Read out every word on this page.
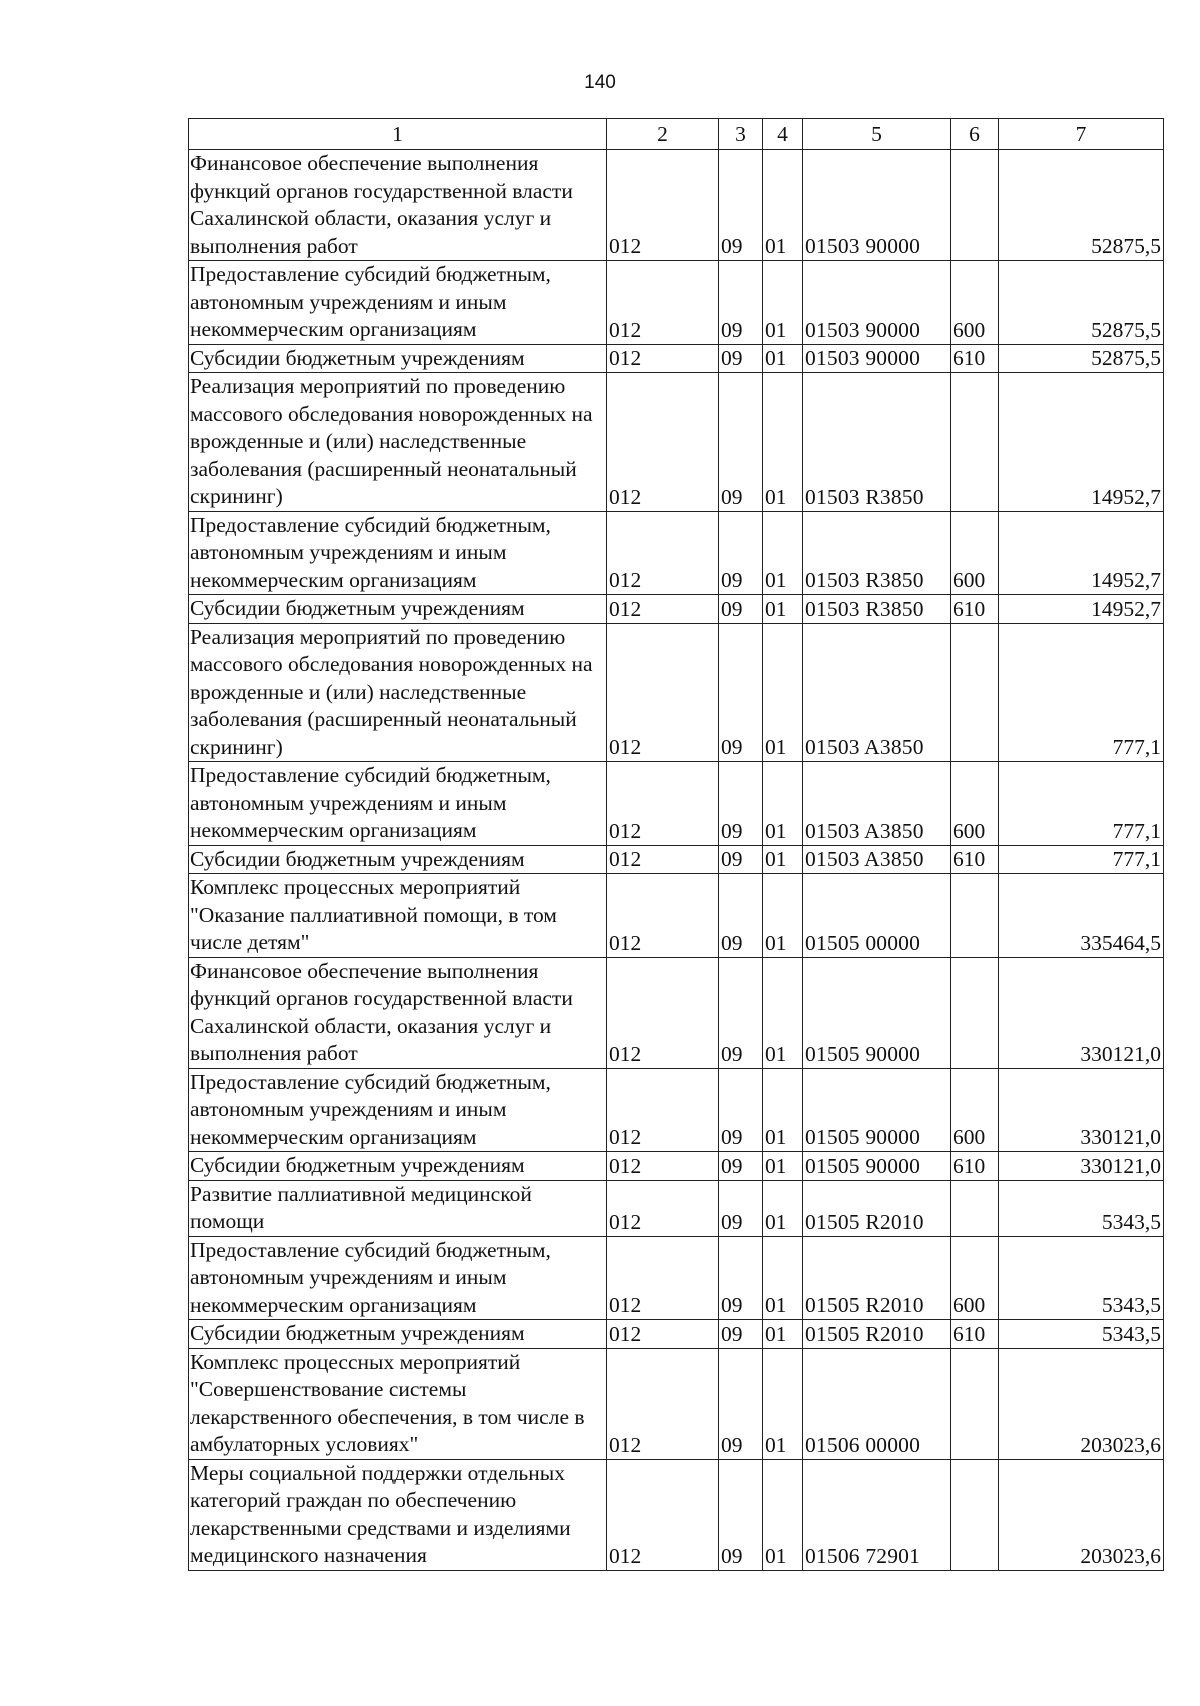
140
1	2	3	4	5	6	7
Финансовое обеспечение выполнения функций органов государственной власти Сахалинской области, оказания услуг и выполнения работ	012	09	01	01503 90000		52875,5
Предоставление субсидий бюджетным, автономным учреждениям и иным некоммерческим организациям	012	09	01	01503 90000	600	52875,5
Субсидии бюджетным учреждениям	012	09	01	01503 90000	610	52875,5
Реализация мероприятий по проведению массового обследования новорожденных на врожденные и (или) наследственные заболевания (расширенный неонатальный скрининг)	012	09	01	01503 R3850		14952,7
Предоставление субсидий бюджетным, автономным учреждениям и иным некоммерческим организациям	012	09	01	01503 R3850	600	14952,7
Субсидии бюджетным учреждениям	012	09	01	01503 R3850	610	14952,7
Реализация мероприятий по проведению массового обследования новорожденных на врожденные и (или) наследственные заболевания (расширенный неонатальный скрининг)	012	09	01	01503 A3850		777,1
Предоставление субсидий бюджетным, автономным учреждениям и иным некоммерческим организациям	012	09	01	01503 A3850	600	777,1
Субсидии бюджетным учреждениям	012	09	01	01503 A3850	610	777,1
Комплекс процессных мероприятий "Оказание паллиативной помощи, в том числе детям"	012	09	01	01505 00000		335464,5
Финансовое обеспечение выполнения функций органов государственной власти Сахалинской области, оказания услуг и выполнения работ	012	09	01	01505 90000		330121,0
Предоставление субсидий бюджетным, автономным учреждениям и иным некоммерческим организациям	012	09	01	01505 90000	600	330121,0
Субсидии бюджетным учреждениям	012	09	01	01505 90000	610	330121,0
Развитие паллиативной медицинской помощи	012	09	01	01505 R2010		5343,5
Предоставление субсидий бюджетным, автономным учреждениям и иным некоммерческим организациям	012	09	01	01505 R2010	600	5343,5
Субсидии бюджетным учреждениям	012	09	01	01505 R2010	610	5343,5
Комплекс процессных мероприятий "Совершенствование системы лекарственного обеспечения, в том числе в амбулаторных условиях"	012	09	01	01506 00000		203023,6
Меры социальной поддержки отдельных категорий граждан по обеспечению лекарственными средствами и изделиями медицинского назначения	012	09	01	01506 72901		203023,6
